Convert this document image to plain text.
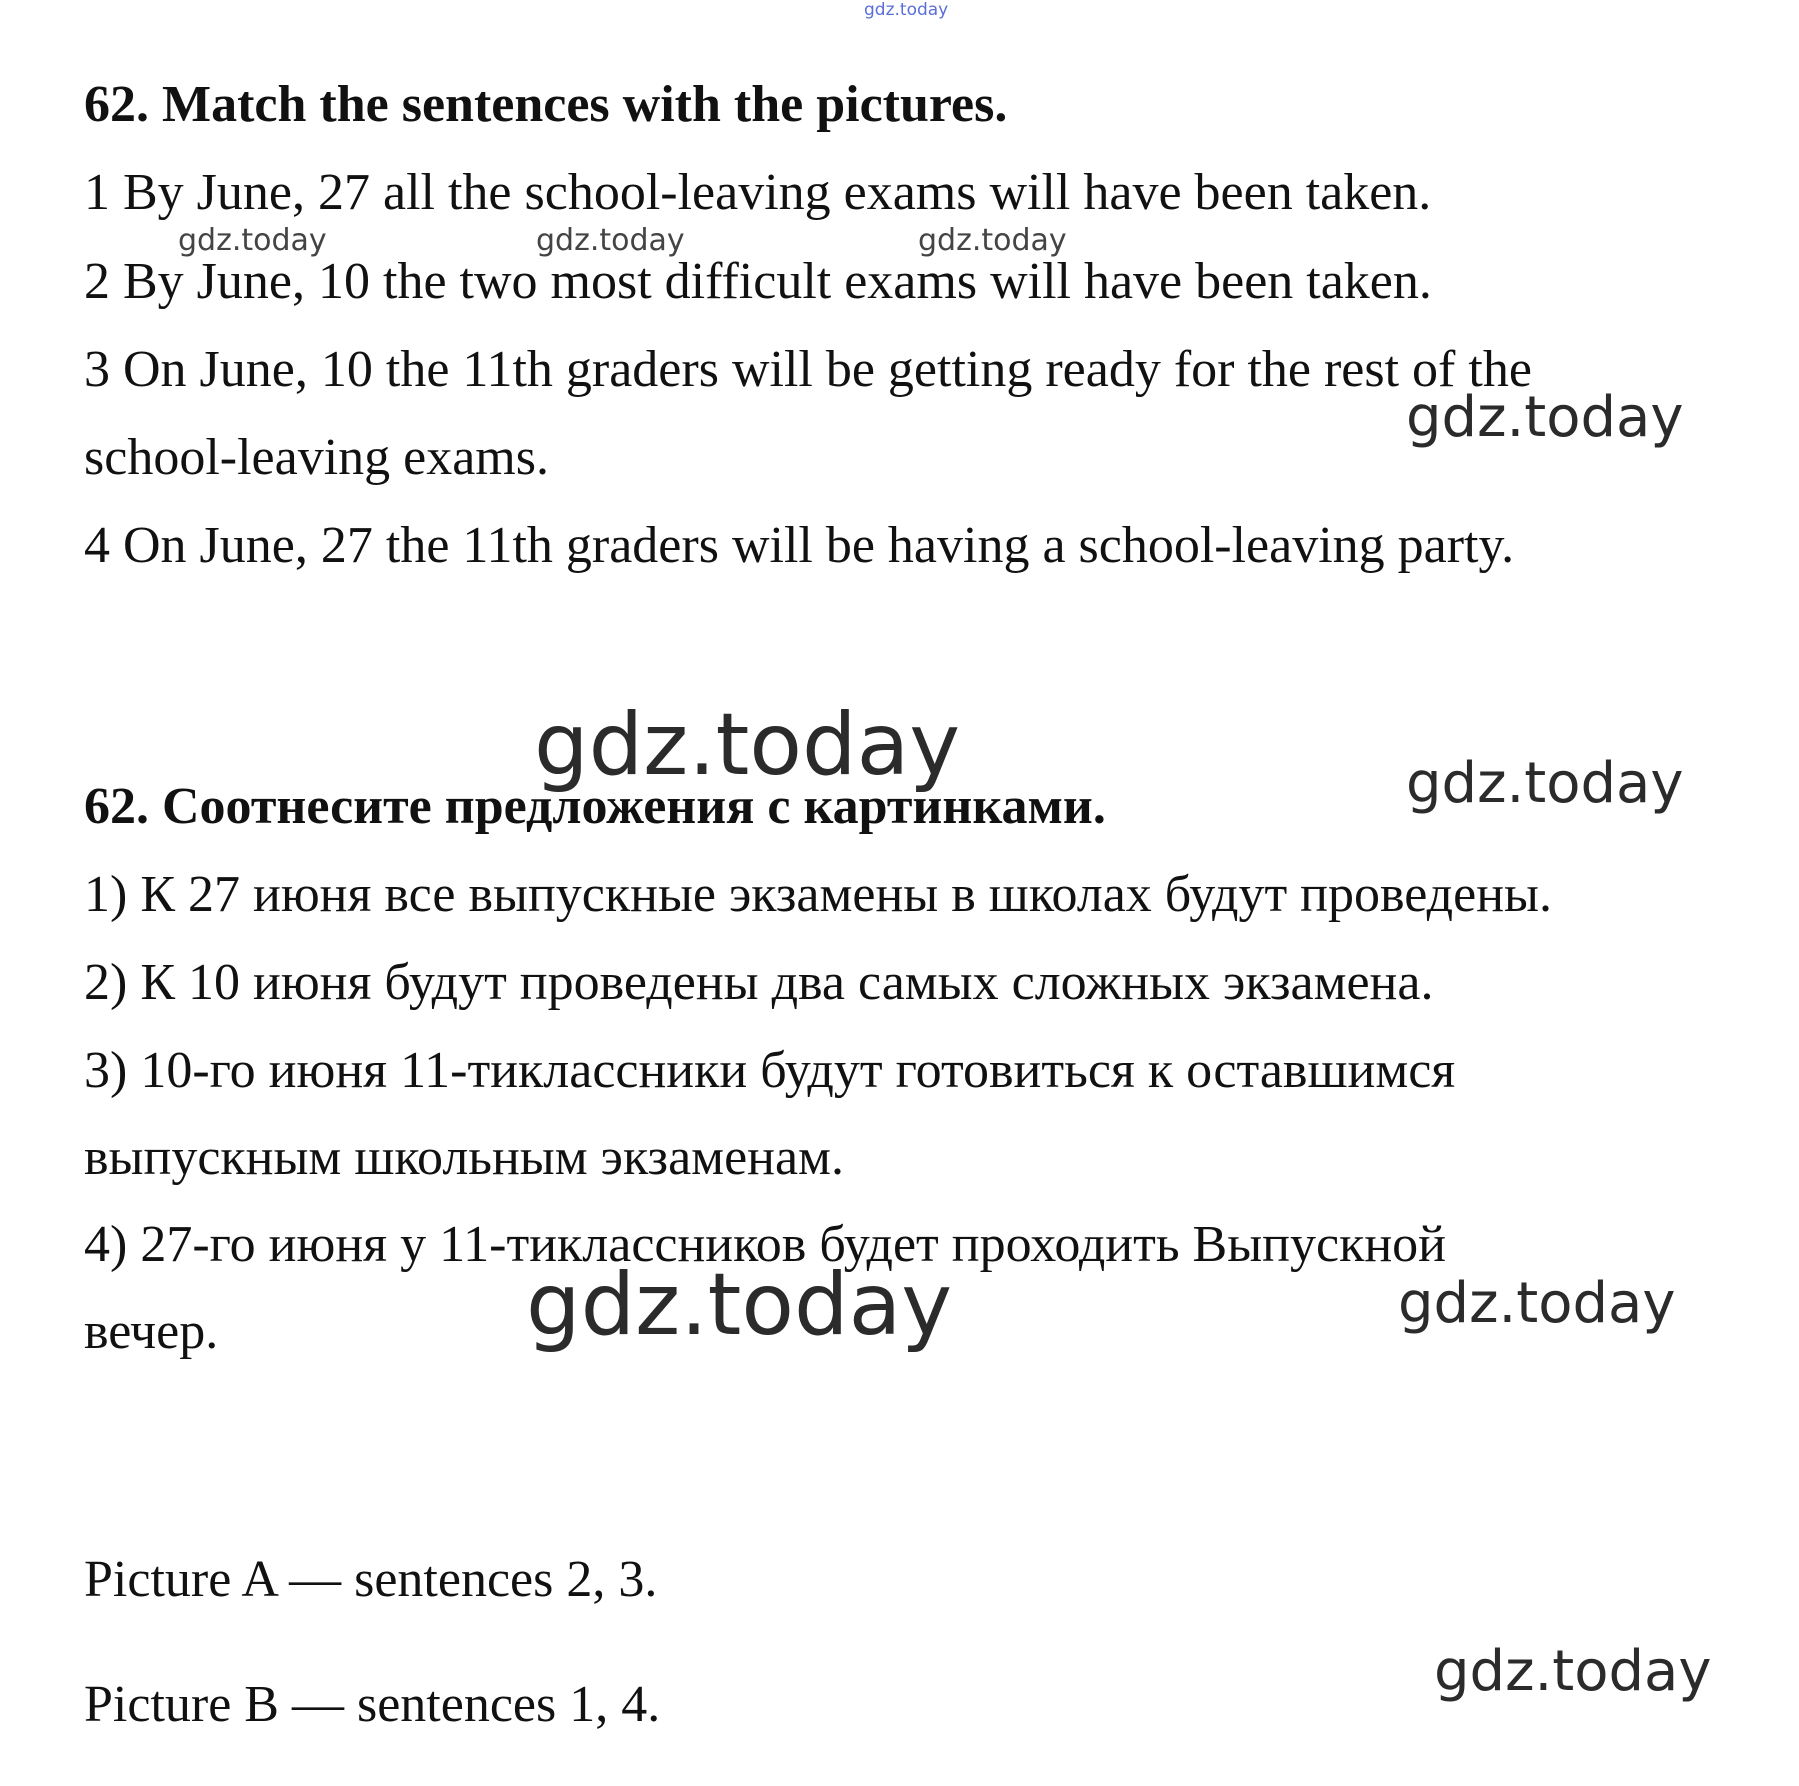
62. Match the sentences with the pictures.

1 By June, 27 all the school-leaving exams will have been taken.

2 By June, 10 the two most difficult exams will have been taken.

3 On June, 10 the 11th graders will be getting ready for the rest of the

school-leaving exams.

4 On June, 27 the 11th graders will be having a school-leaving party.

62. Соотнесите предложения с картинками.

1) К 27 июня все выпускные экзамены в школах будут проведены.

2) К 10 июня будут проведены два самых сложных экзамена.

3) 10-го июня 11-тиклассники будут готовиться к оставшимся

выпускным школьным экзаменам.

4) 27-го июня у 11-тиклассников будет проходить Выпускной

вечер.

Picture A — sentences 2, 3.

Picture B — sentences 1, 4.

gdz.today
gdz.today	gdz.today	gdz.today
gdz.today
gdz.today	gdz.today
gdz.today	gdz.today
gdz.today
